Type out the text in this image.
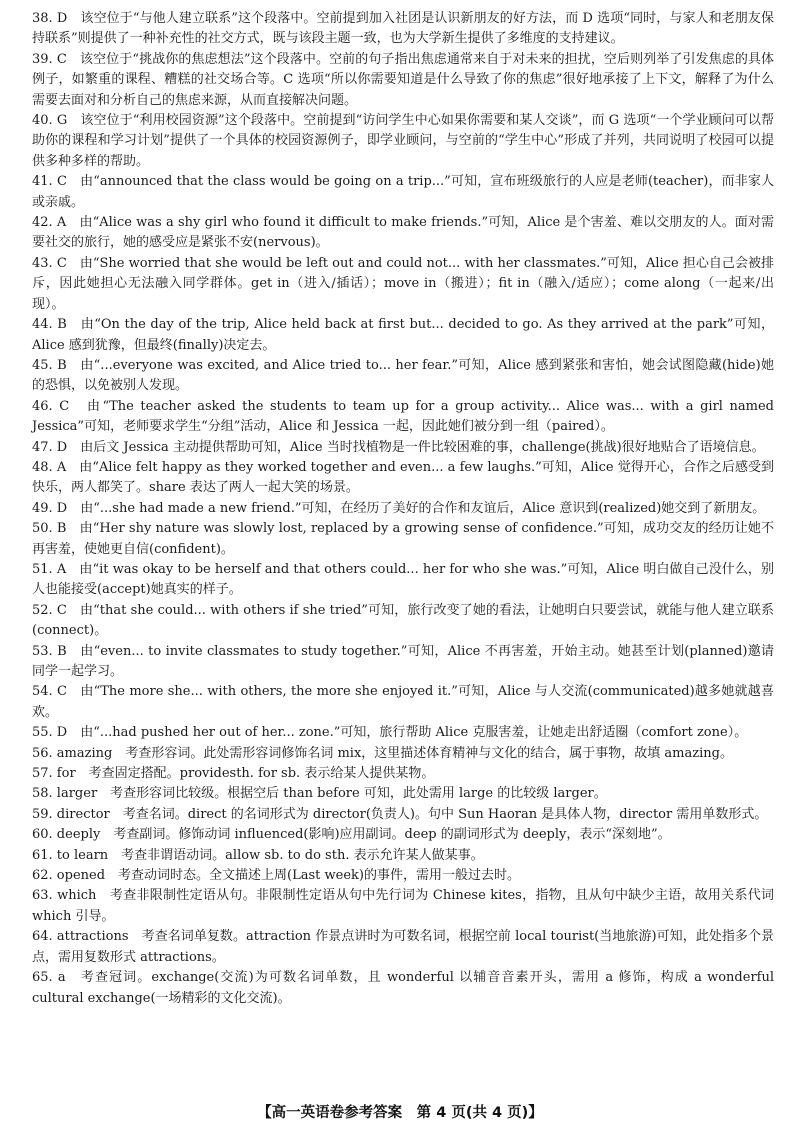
38. D　该空位于“与他人建立联系”这个段落中。空前提到加入社团是认识新朋友的好方法，而 D 选项“同时，与家人和老朋友保持联系”则提供了一种补充性的社交方式，既与该段主题一致，也为大学新生提供了多维度的支持建议。

39. C　该空位于“挑战你的焦虑想法”这个段落中。空前的句子指出焦虑通常来自于对未来的担扰，空后则列举了引发焦虑的具体例子，如繁重的课程、糟糕的社交场合等。C 选项“所以你需要知道是什么导致了你的焦虑”很好地承接了上下文，解释了为什么需要去面对和分析自己的焦虑来源，从而直接解决问题。

40. G　该空位于“利用校园资源”这个段落中。空前提到“访问学生中心如果你需要和某人交谈”，而 G 选项“一个学业顾问可以帮助你的课程和学习计划”提供了一个具体的校园资源例子，即学业顾问，与空前的“学生中心”形成了并列，共同说明了校园可以提供多种多样的帮助。

41. C　由“announced that the class would be going on a trip...”可知，宣布班级旅行的人应是老师(teacher)，而非家人或亲戚。

42. A　由“Alice was a shy girl who found it difficult to make friends.”可知，Alice 是个害羞、难以交朋友的人。面对需要社交的旅行，她的感受应是紧张不安(nervous)。

43. C　由“She worried that she would be left out and could not... with her classmates.”可知，Alice 担心自己会被排斥，因此她担心无法融入同学群体。get in（进入/插话）；move in（搬进）；fit in（融入/适应）；come along（一起来/出现）。

44. B　由“On the day of the trip, Alice held back at first but... decided to go. As they arrived at the park”可知，Alice 感到犹豫，但最终(finally)决定去。

45. B　由“...everyone was excited, and Alice tried to... her fear.”可知，Alice 感到紧张和害怕，她会试图隐藏(hide)她的恐惧，以免被别人发现。

46. C　由“The teacher asked the students to team up for a group activity... Alice was... with a girl named Jessica”可知，老师要求学生“分组”活动，Alice 和 Jessica 一起，因此她们被分到一组（paired）。

47. D　由后文 Jessica 主动提供帮助可知，Alice 当时找植物是一件比较困难的事，challenge(挑战)很好地贴合了语境信息。

48. A　由“Alice felt happy as they worked together and even... a few laughs.”可知，Alice 觉得开心，合作之后感受到快乐，两人都笑了。share 表达了两人一起大笑的场景。

49. D　由“...she had made a new friend.”可知，在经历了美好的合作和友谊后，Alice 意识到(realized)她交到了新朋友。

50. B　由“Her shy nature was slowly lost, replaced by a growing sense of confidence.”可知，成功交友的经历让她不再害羞，使她更自信(confident)。

51. A　由“it was okay to be herself and that others could... her for who she was.”可知，Alice 明白做自己没什么，别人也能接受(accept)她真实的样子。

52. C　由“that she could... with others if she tried”可知，旅行改变了她的看法，让她明白只要尝试，就能与他人建立联系(connect)。

53. B　由“even... to invite classmates to study together.”可知，Alice 不再害羞，开始主动。她甚至计划(planned)邀请同学一起学习。

54. C　由“The more she... with others, the more she enjoyed it.”可知，Alice 与人交流(communicated)越多她就越喜欢。

55. D　由“...had pushed her out of her... zone.”可知，旅行帮助 Alice 克服害羞，让她走出舒适圈（comfort zone）。

56. amazing　考查形容词。此处需形容词修饰名词 mix，这里描述体育精神与文化的结合，属于事物，故填 amazing。

57. for　考查固定搭配。providesth. for sb. 表示给某人提供某物。

58. larger　考查形容词比较级。根据空后 than before 可知，此处需用 large 的比较级 larger。

59. director　考查名词。direct 的名词形式为 director(负责人)。句中 Sun Haoran 是具体人物，director 需用单数形式。

60. deeply　考查副词。修饰动词 influenced(影响)应用副词。deep 的副词形式为 deeply，表示“深刻地”。

61. to learn　考查非谓语动词。allow sb. to do sth. 表示允许某人做某事。

62. opened　考查动词时态。全文描述上周(Last week)的事件，需用一般过去时。

63. which　考查非限制性定语从句。非限制性定语从句中先行词为 Chinese kites，指物，且从句中缺少主语，故用关系代词 which 引导。

64. attractions　考查名词单复数。attraction 作景点讲时为可数名词，根据空前 local tourist(当地旅游)可知，此处指多个景点，需用复数形式 attractions。

65. a　考查冠词。exchange(交流)为可数名词单数，且 wonderful 以辅音音素开头，需用 a 修饰，构成 a wonderful cultural exchange(一场精彩的文化交流)。

【高一英语卷参考答案　第 4 页(共 4 页)】
